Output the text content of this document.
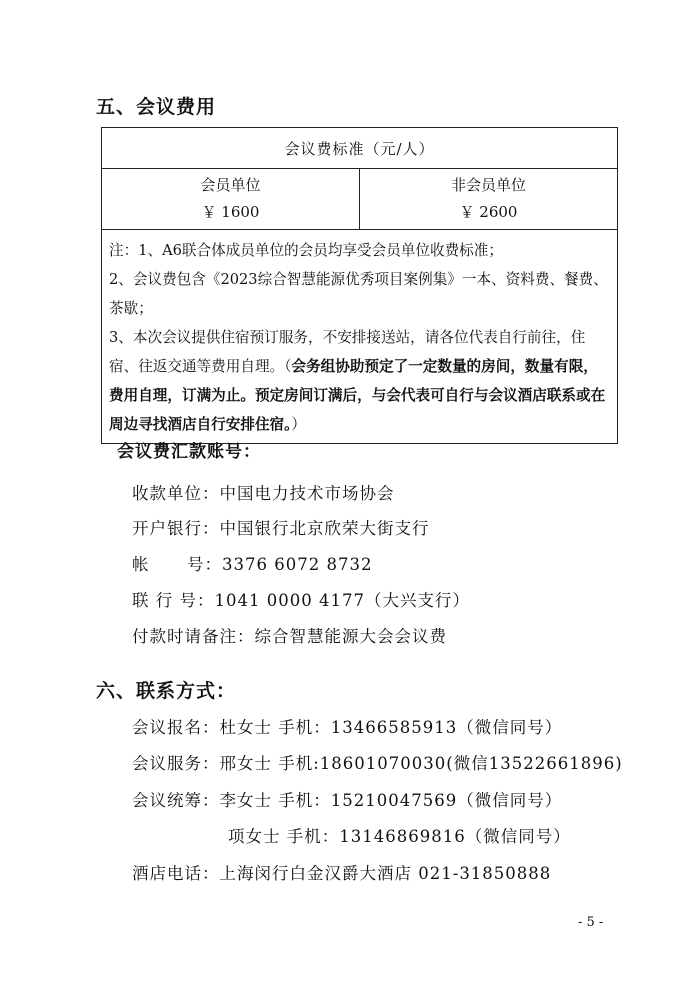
五、会议费用
会议费标准（元/人）

会员单位
￥ 1600

非会员单位
￥ 2600

注：1、A6联合体成员单位的会员均享受会员单位收费标准；
2、会议费包含《2023综合智慧能源优秀项目案例集》一本、资料费、餐费、茶歇；
3、本次会议提供住宿预订服务，不安排接送站，请各位代表自行前往，住宿、往返交通等费用自理。（会务组协助预定了一定数量的房间，数量有限，费用自理，订满为止。预定房间订满后，与会代表可自行与会议酒店联系或在周边寻找酒店自行安排住宿。）
会议费汇款账号：
收款单位：中国电力技术市场协会
开户银行：中国银行北京欣荣大街支行
帐      号：3376 6072 8732
联 行 号：1041 0000 4177（大兴支行）
付款时请备注：综合智慧能源大会会议费
六、联系方式：
会议报名：杜女士 手机：13466585913（微信同号）
会议服务：邢女士 手机:18601070030(微信13522661896)
会议统筹：李女士 手机：15210047569（微信同号）
项女士 手机：13146869816（微信同号）
酒店电话：上海闵行白金汉爵大酒店 021-31850888
- 5 -
